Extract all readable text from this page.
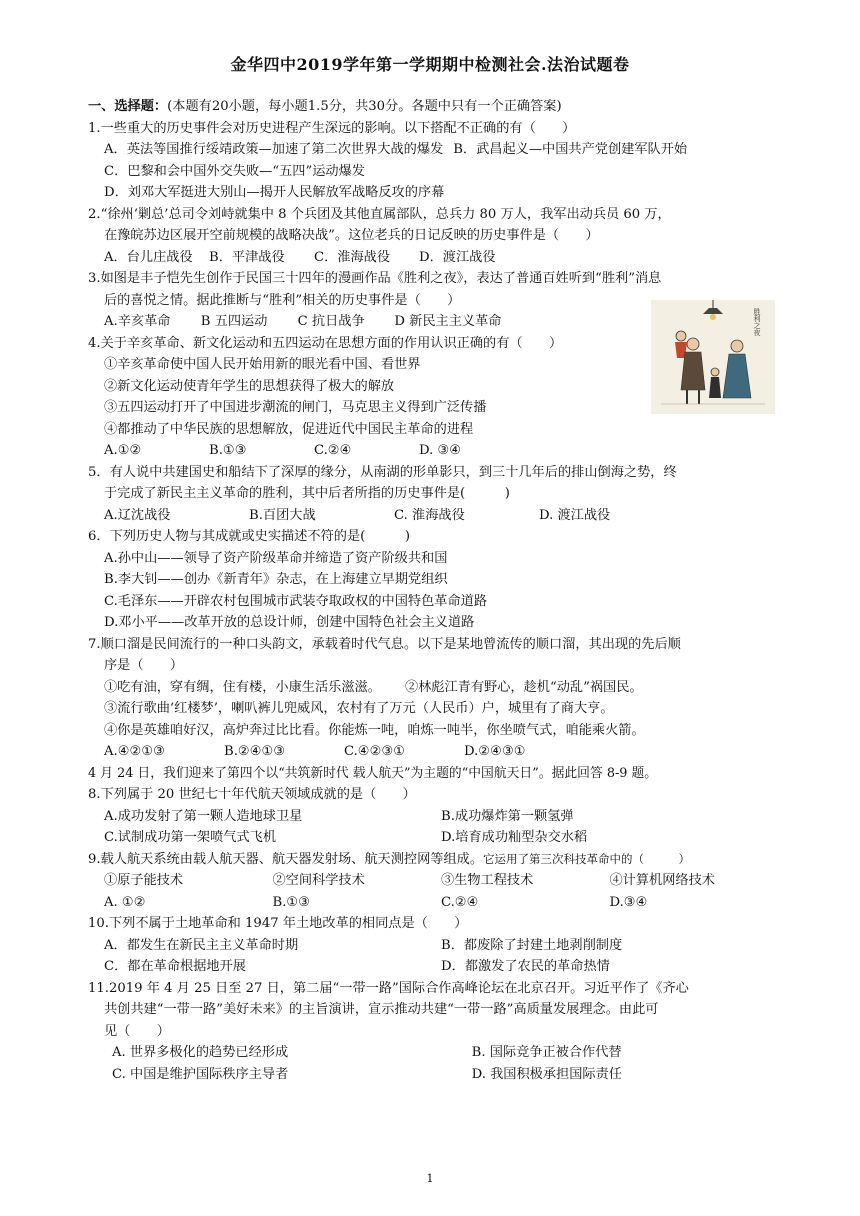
金华四中2019学年第一学期期中检测社会.法治试题卷
一、选择题：(本题有20小题，每小题1.5分，共30分。各题中只有一个正确答案)
1.一些重大的历史事件会对历史进程产生深远的影响。以下搭配不正确的有（　　）
A．英法等国推行绥靖政策—加速了第二次世界大战的爆发 B．武昌起义—中国共产党创建军队开始
C．巴黎和会中国外交失败—“五四”运动爆发
D．刘邓大军挺进大别山—揭开人民解放军战略反攻的序幕
2.“徐州‘剿总’总司令刘峙就集中 8 个兵团及其他直属部队，总兵力 80 万人，我军出动兵员 60 万，
在豫皖苏边区展开空前规模的战略决战”。这位老兵的日记反映的历史事件是（　　）
A．台儿庄战役	B．平津战役	C．淮海战役	D．渡江战役
3.如图是丰子恺先生创作于民国三十四年的漫画作品《胜利之夜》，表达了普通百姓听到“胜利”消息
后的喜悦之情。据此推断与“胜利”相关的历史事件是（　　）
A.辛亥革命	B 五四运动	C 抗日战争	D 新民主主义革命
4.关于辛亥革命、新文化运动和五四运动在思想方面的作用认识正确的有（　　）
①辛亥革命使中国人民开始用新的眼光看中国、看世界
②新文化运动使青年学生的思想获得了极大的解放
③五四运动打开了中国进步潮流的闸门，马克思主义得到广泛传播
④都推动了中华民族的思想解放，促进近代中国民主革命的进程
A.①②	B.①③	C.②④	D. ③④
5．有人说中共建国史和船结下了深厚的缘分，从南湖的形单影只，到三十几年后的排山倒海之势，终
于完成了新民主主义革命的胜利，其中后者所指的历史事件是(　　　)
A.辽沈战役	B.百团大战	C. 淮海战役	D. 渡江战役
6．下列历史人物与其成就或史实描述不符的是(　　　)
A.孙中山——领导了资产阶级革命并缔造了资产阶级共和国
B.李大钊——创办《新青年》杂志，在上海建立早期党组织
C.毛泽东——开辟农村包围城市武装夺取政权的中国特色革命道路
D.邓小平——改革开放的总设计师，创建中国特色社会主义道路
7.顺口溜是民间流行的一种口头韵文，承载着时代气息。以下是某地曾流传的顺口溜，其出现的先后顺
序是（　　）
①吃有油，穿有绸，住有楼，小康生活乐滋滋。	②林彪江青有野心，趁机“动乱”祸国民。
③流行歌曲‘红楼梦’，喇叭裤儿兜威风，农村有了万元（人民币）户，城里有了商大亨。
④你是英雄咱好汉，高炉奔过比比看。你能炼一吨，咱炼一吨半，你坐喷气式，咱能乘火箭。
A.④②①③	B.②④①③	C.④②③①	D.②④③①
4 月 24 日，我们迎来了第四个以“共筑新时代 载人航天”为主题的“中国航天日”。据此回答 8-9 题。
8.下列属于 20 世纪七十年代航天领域成就的是（　　）
A.成功发射了第一颗人造地球卫星	B.成功爆炸第一颗氢弹
C.试制成功第一架喷气式飞机	D.培育成功籼型杂交水稻
9.载人航天系统由载人航天器、航天器发射场、航天测控网等组成。它运用了第三次科技革命中的（　　　）
①原子能技术	②空间科学技术	③生物工程技术	④计算机网络技术
A. ①②	B.①③	C.②④	D.③④
10.下列不属于土地革命和 1947 年土地改革的相同点是（　　）
A．都发生在新民主主义革命时期	B．都废除了封建土地剥削制度
C．都在革命根据地开展	D．都激发了农民的革命热情
11.2019 年 4 月 25 日至 27 日，第二届“一带一路”国际合作高峰论坛在北京召开。习近平作了《齐心
共创共建“一带一路”美好未来》的主旨演讲，宣示推动共建“一带一路”高质量发展理念。由此可
见（　　）
A. 世界多极化的趋势已经形成	B. 国际竞争正被合作代替
C. 中国是维护国际秩序主导者	D. 我国积极承担国际责任
胜利之夜
1
